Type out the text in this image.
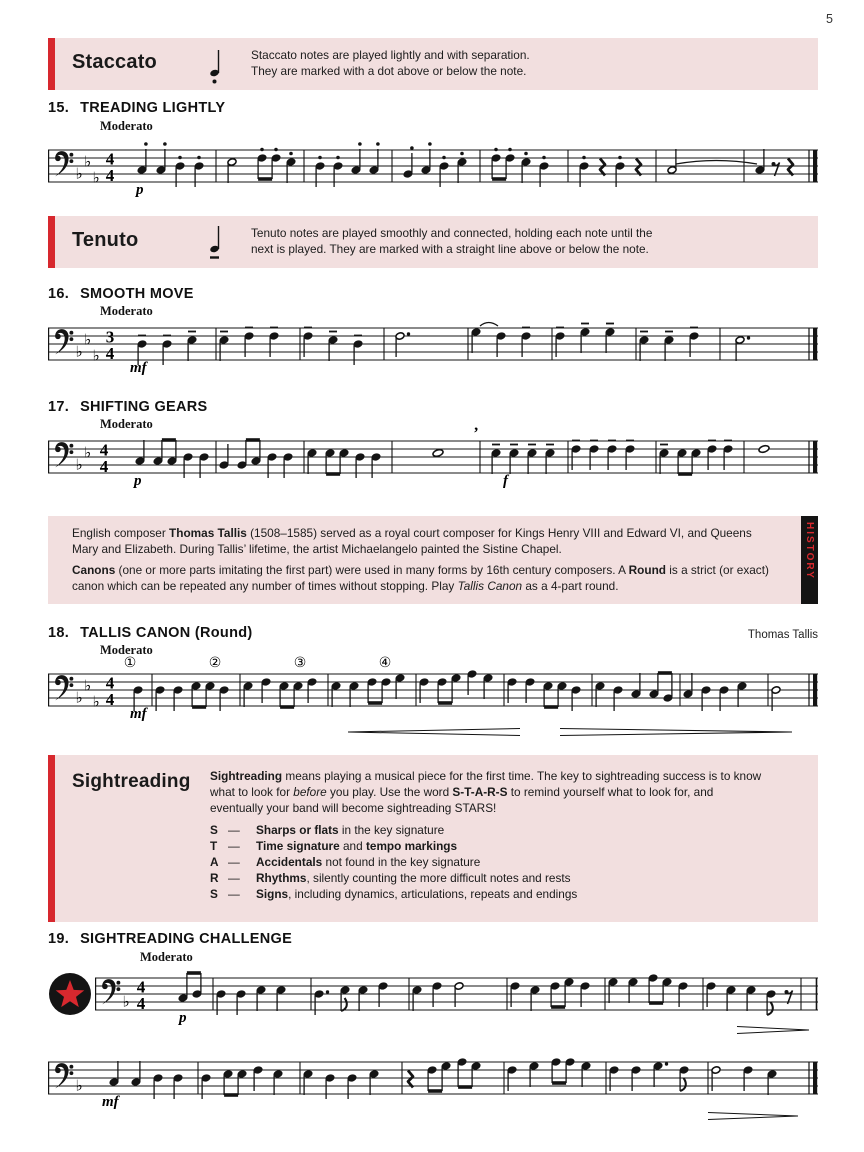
5
Staccato	Staccato notes are played lightly and with separation.
They are marked with a dot above or below the note.
15. TREADING LIGHTLY
Moderato
♭
♭
♭
4
4
p
Tenuto	Tenuto notes are played smoothly and connected, holding each note until the
next is played. They are marked with a straight line above or below the note.
16. SMOOTH MOVE
Moderato
♭
♭
♭
3
4
mf
17. SHIFTING GEARS
Moderato
♭
♭ 4
4
p	f
’

English composer Thomas Tallis (1508–1585) served as a royal court composer for Kings Henry VIII and Edward VI, and Queens Mary and Elizabeth. During Tallis’ lifetime, the artist Michaelangelo painted the Sistine Chapel.

Canons (one or more parts imitating the first part) were used in many forms by 16th century composers. A Round is a strict (or exact) canon which can be repeated any number of times without stopping. Play Tallis Canon as a 4-part round.

HISTORY
18. TALLIS CANON (Round)	Thomas Tallis
Moderato
♭
♭
♭
4
4
mf
①	②	③	④
Sightreading	Sightreading means playing a musical piece for the first time. The key to sightreading success is to know what to look for before you play. Use the word S-T-A-R-S to remind yourself what to look for, and eventually your band will become sightreading STARS!
S —	Sharps or flats in the key signature
T —	Time signature and tempo markings
A —	Accidentals not found in the key signature
R —	Rhythms, silently counting the more difficult notes and rests
S —	Signs, including dynamics, articulations, repeats and endings
19. SIGHTREADING CHALLENGE
Moderato
♭
4
4
p
♭
mf
